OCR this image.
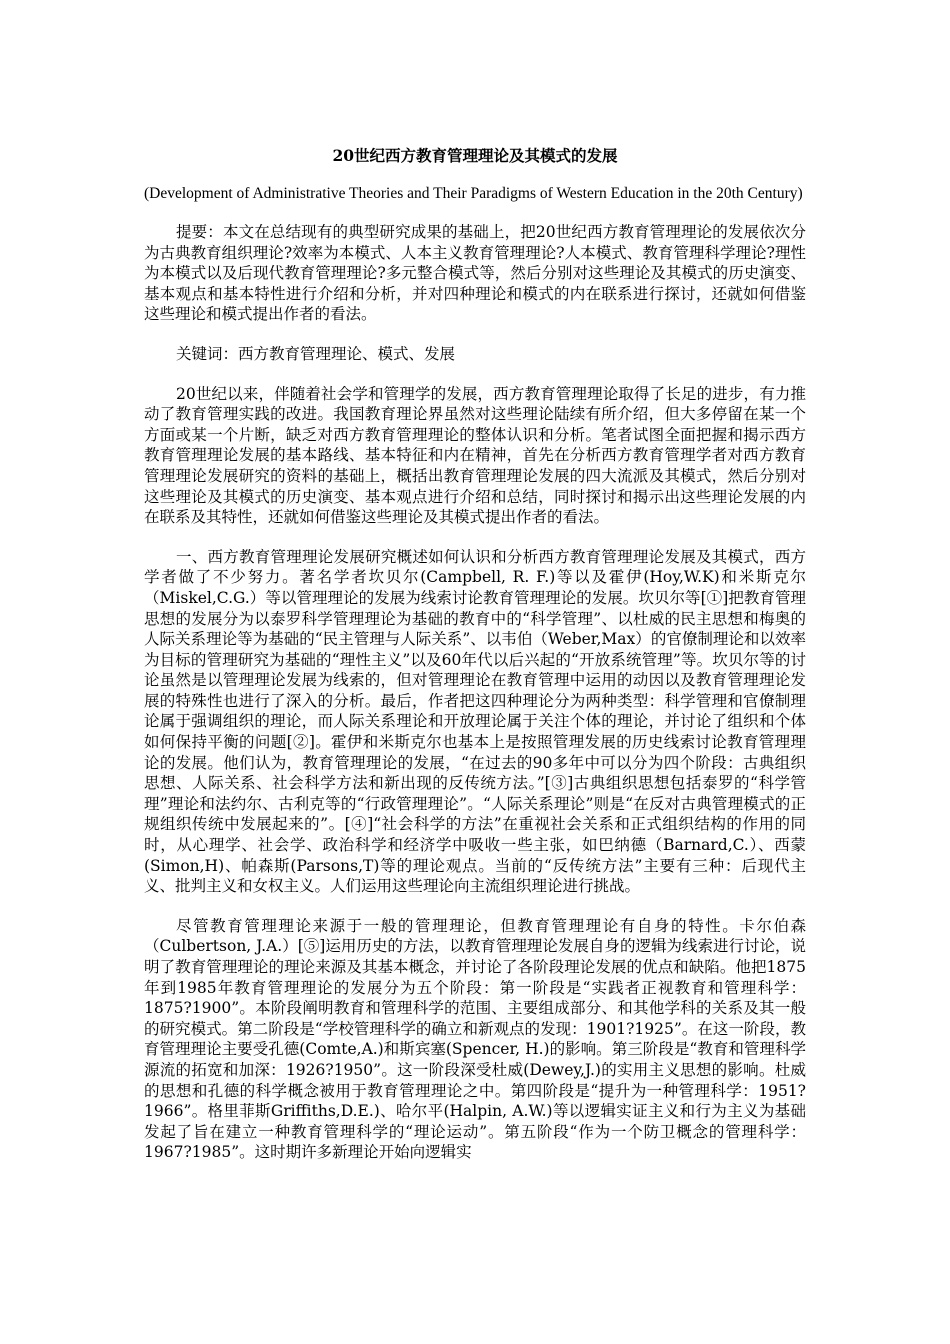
20世纪西方教育管理理论及其模式的发展
(Development of Administrative Theories and Their Paradigms of Western Education in the 20th Century)

提要：本文在总结现有的典型研究成果的基础上，把20世纪西方教育管理理论的发展依次分为古典教育组织理论?效率为本模式、人本主义教育管理理论?人本模式、教育管理科学理论?理性为本模式以及后现代教育管理理论?多元整合模式等，然后分别对这些理论及其模式的历史演变、基本观点和基本特性进行介绍和分析，并对四种理论和模式的内在联系进行探讨，还就如何借鉴这些理论和模式提出作者的看法。

关键词：西方教育管理理论、模式、发展

20世纪以来，伴随着社会学和管理学的发展，西方教育管理理论取得了长足的进步，有力推动了教育管理实践的改进。我国教育理论界虽然对这些理论陆续有所介绍，但大多停留在某一个方面或某一个片断，缺乏对西方教育管理理论的整体认识和分析。笔者试图全面把握和揭示西方教育管理理论发展的基本路线、基本特征和内在精神，首先在分析西方教育管理学者对西方教育管理理论发展研究的资料的基础上，概括出教育管理理论发展的四大流派及其模式，然后分别对这些理论及其模式的历史演变、基本观点进行介绍和总结，同时探讨和揭示出这些理论发展的内在联系及其特性，还就如何借鉴这些理论及其模式提出作者的看法。

一、西方教育管理理论发展研究概述如何认识和分析西方教育管理理论发展及其模式，西方学者做了不少努力。著名学者坎贝尔(Campbell, R. F.)等以及霍伊(Hoy,W.K)和米斯克尔（Miskel,C.G.）等以管理理论的发展为线索讨论教育管理理论的发展。坎贝尔等[①]把教育管理思想的发展分为以泰罗科学管理理论为基础的教育中的“科学管理”、以杜威的民主思想和梅奥的人际关系理论等为基础的“民主管理与人际关系”、以韦伯（Weber,Max）的官僚制理论和以效率为目标的管理研究为基础的“理性主义”以及60年代以后兴起的“开放系统管理”等。坎贝尔等的讨论虽然是以管理理论发展为线索的，但对管理理论在教育管理中运用的动因以及教育管理理论发展的特殊性也进行了深入的分析。最后，作者把这四种理论分为两种类型：科学管理和官僚制理论属于强调组织的理论，而人际关系理论和开放理论属于关注个体的理论，并讨论了组织和个体如何保持平衡的问题[②]。霍伊和米斯克尔也基本上是按照管理发展的历史线索讨论教育管理理论的发展。他们认为，教育管理理论的发展，“在过去的90多年中可以分为四个阶段：古典组织思想、人际关系、社会科学方法和新出现的反传统方法。”[③]古典组织思想包括泰罗的“科学管理”理论和法约尔、古利克等的“行政管理理论”。“人际关系理论”则是“在反对古典管理模式的正规组织传统中发展起来的”。[④]“社会科学的方法”在重视社会关系和正式组织结构的作用的同时，从心理学、社会学、政治科学和经济学中吸收一些主张，如巴纳德（Barnard,C.）、西蒙(Simon,H)、帕森斯(Parsons,T)等的理论观点。当前的“反传统方法”主要有三种：后现代主义、批判主义和女权主义。人们运用这些理论向主流组织理论进行挑战。

尽管教育管理理论来源于一般的管理理论，但教育管理理论有自身的特性。卡尔伯森（Culbertson, J.A.）[⑤]运用历史的方法，以教育管理理论发展自身的逻辑为线索进行讨论，说明了教育管理理论的理论来源及其基本概念，并讨论了各阶段理论发展的优点和缺陷。他把1875年到1985年教育管理理论的发展分为五个阶段：第一阶段是“实践者正视教育和管理科学：1875?1900”。本阶段阐明教育和管理科学的范围、主要组成部分、和其他学科的关系及其一般的研究模式。第二阶段是“学校管理科学的确立和新观点的发现：1901?1925”。在这一阶段，教育管理理论主要受孔德(Comte,A.)和斯宾塞(Spencer, H.)的影响。第三阶段是“教育和管理科学源流的拓宽和加深：1926?1950”。这一阶段深受杜威(Dewey,J.)的实用主义思想的影响。杜威的思想和孔德的科学概念被用于教育管理理论之中。第四阶段是“提升为一种管理科学：1951?1966”。格里菲斯Griffiths,D.E.)、哈尔平(Halpin, A.W.)等以逻辑实证主义和行为主义为基础发起了旨在建立一种教育管理科学的“理论运动”。第五阶段“作为一个防卫概念的管理科学：1967?1985”。这时期许多新理论开始向逻辑实
